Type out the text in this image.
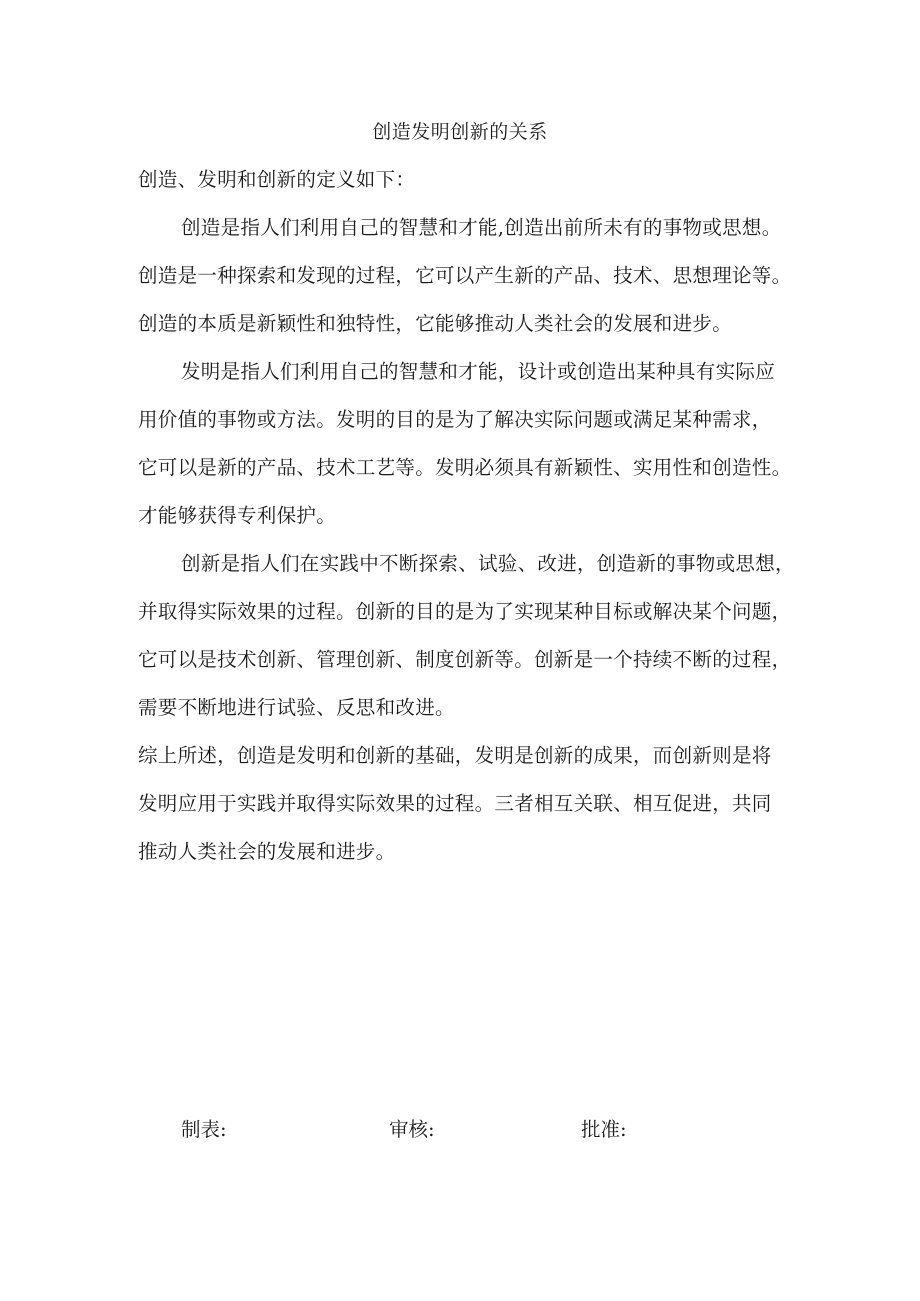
创造发明创新的关系
创造、发明和创新的定义如下：
创造是指人们利用自己的智慧和才能,创造出前所未有的事物或思想。
创造是一种探索和发现的过程，它可以产生新的产品、技术、思想理论等。
创造的本质是新颖性和独特性，它能够推动人类社会的发展和进步。
发明是指人们利用自己的智慧和才能，设计或创造出某种具有实际应
用价值的事物或方法。发明的目的是为了解决实际问题或满足某种需求，
它可以是新的产品、技术工艺等。发明必须具有新颖性、实用性和创造性。
才能够获得专利保护。
创新是指人们在实践中不断探索、试验、改进，创造新的事物或思想，
并取得实际效果的过程。创新的目的是为了实现某种目标或解决某个问题，
它可以是技术创新、管理创新、制度创新等。创新是一个持续不断的过程，
需要不断地进行试验、反思和改进。
综上所述，创造是发明和创新的基础，发明是创新的成果，而创新则是将
发明应用于实践并取得实际效果的过程。三者相互关联、相互促进，共同
推动人类社会的发展和进步。
制表:	审核:	批准:
